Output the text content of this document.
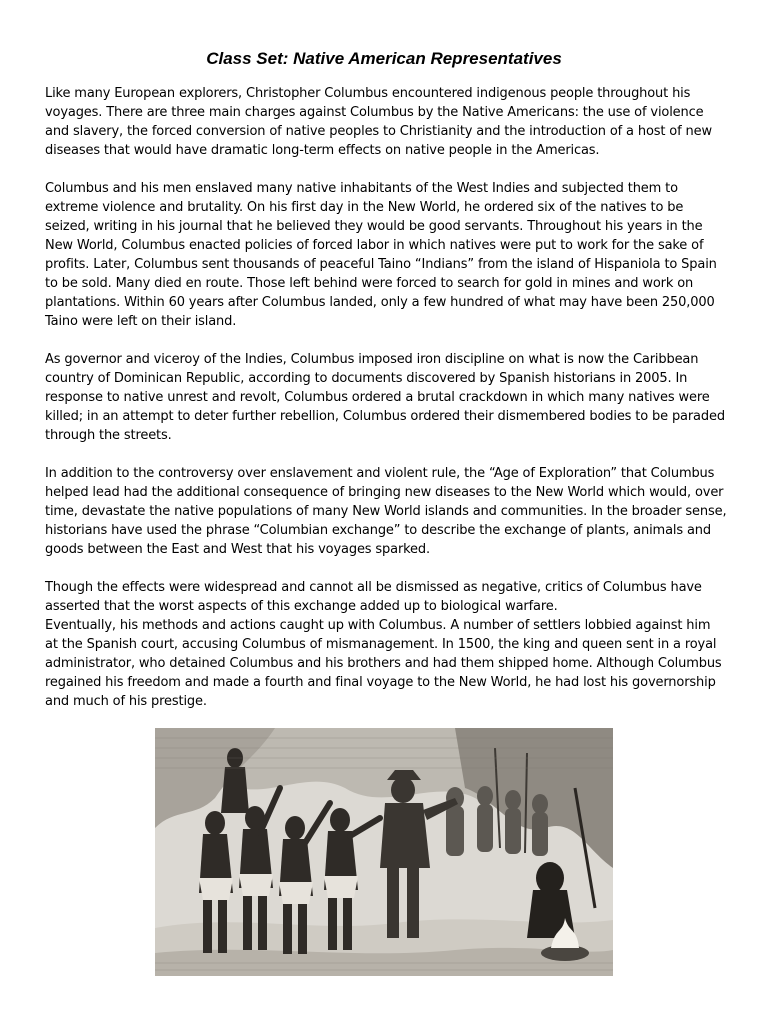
Class Set: Native American Representatives

Like many European explorers, Christopher Columbus encountered indigenous people throughout his voyages. There are three main charges against Columbus by the Native Americans: the use of violence and slavery, the forced conversion of native peoples to Christianity and the introduction of a host of new diseases that would have dramatic long-term effects on native people in the Americas.

Columbus and his men enslaved many native inhabitants of the West Indies and subjected them to extreme violence and brutality. On his first day in the New World, he ordered six of the natives to be seized, writing in his journal that he believed they would be good servants. Throughout his years in the New World, Columbus enacted policies of forced labor in which natives were put to work for the sake of profits. Later, Columbus sent thousands of peaceful Taino “Indians” from the island of Hispaniola to Spain to be sold. Many died en route. Those left behind were forced to search for gold in mines and work on plantations. Within 60 years after Columbus landed, only a few hundred of what may have been 250,000 Taino were left on their island.

As governor and viceroy of the Indies, Columbus imposed iron discipline on what is now the Caribbean country of Dominican Republic, according to documents discovered by Spanish historians in 2005. In response to native unrest and revolt, Columbus ordered a brutal crackdown in which many natives were killed; in an attempt to deter further rebellion, Columbus ordered their dismembered bodies to be paraded through the streets.

In addition to the controversy over enslavement and violent rule, the “Age of Exploration” that Columbus helped lead had the additional consequence of bringing new diseases to the New World which would, over time, devastate the native populations of many New World islands and communities. In the broader sense, historians have used the phrase “Columbian exchange” to describe the exchange of plants, animals and goods between the East and West that his voyages sparked.

Though the effects were widespread and cannot all be dismissed as negative, critics of Columbus have asserted that the worst aspects of this exchange added up to biological warfare.

Eventually, his methods and actions caught up with Columbus. A number of settlers lobbied against him at the Spanish court, accusing Columbus of mismanagement. In 1500, the king and queen sent in a royal administrator, who detained Columbus and his brothers and had them shipped home. Although Columbus regained his freedom and made a fourth and final voyage to the New World, he had lost his governorship and much of his prestige.
